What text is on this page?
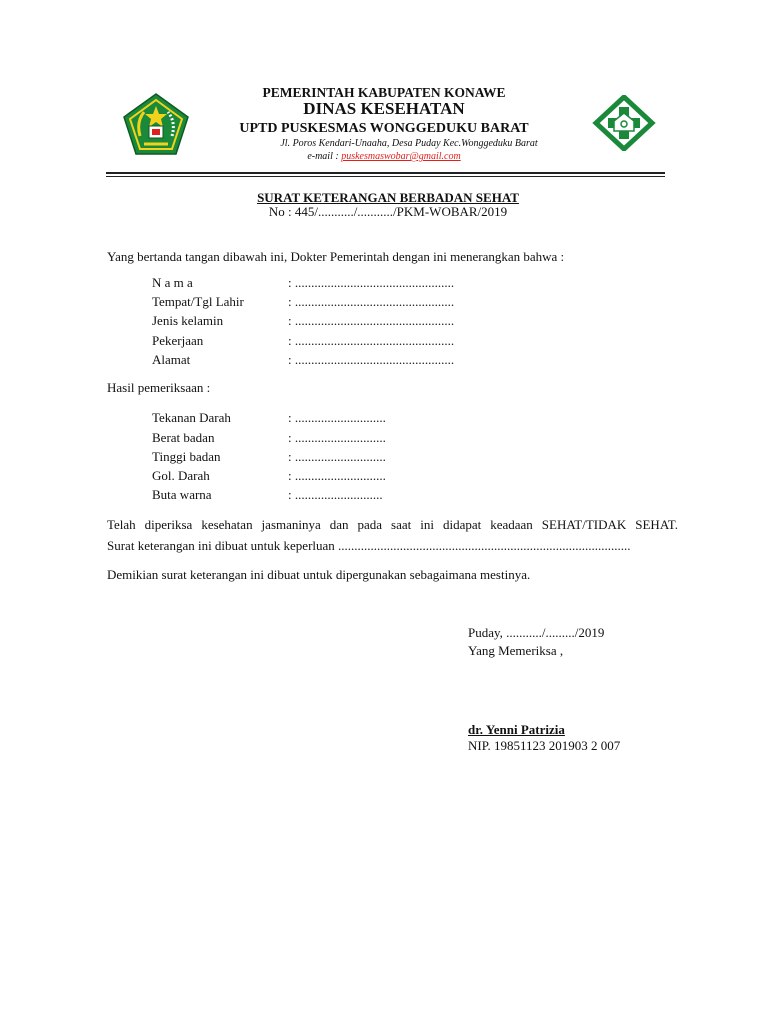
PEMERINTAH KABUPATEN KONAWE
DINAS KESEHATAN
UPTD PUSKESMAS WONGGEDUKU BARAT
Jl. Poros Kendari-Unaaha, Desa Puday Kec.Wonggeduku Barat
e-mail : puskesmaswobar@gmail.com
SURAT KETERANGAN BERBADAN SEHAT
No : 445/.........../.........../PKM-WOBAR/2019
Yang bertanda tangan dibawah ini, Dokter Pemerintah dengan ini menerangkan bahwa :
N a m a	: .................................................
Tempat/Tgl Lahir	: .................................................
Jenis kelamin	: .................................................
Pekerjaan	: .................................................
Alamat	: .................................................
Hasil pemeriksaan :
Tekanan Darah	: ............................
Berat badan	: ............................
Tinggi badan	: ............................
Gol. Darah	: ............................
Buta warna	: ...........................
Telah diperiksa kesehatan jasmaninya dan pada saat ini didapat keadaan SEHAT/TIDAK SEHAT.
Surat keterangan ini dibuat untuk keperluan ..........................................................................................
Demikian surat keterangan ini dibuat untuk dipergunakan sebagaimana mestinya.
Puday, .........../........./2019
Yang Memeriksa ,
dr. Yenni Patrizia
NIP. 19851123 201903 2 007
